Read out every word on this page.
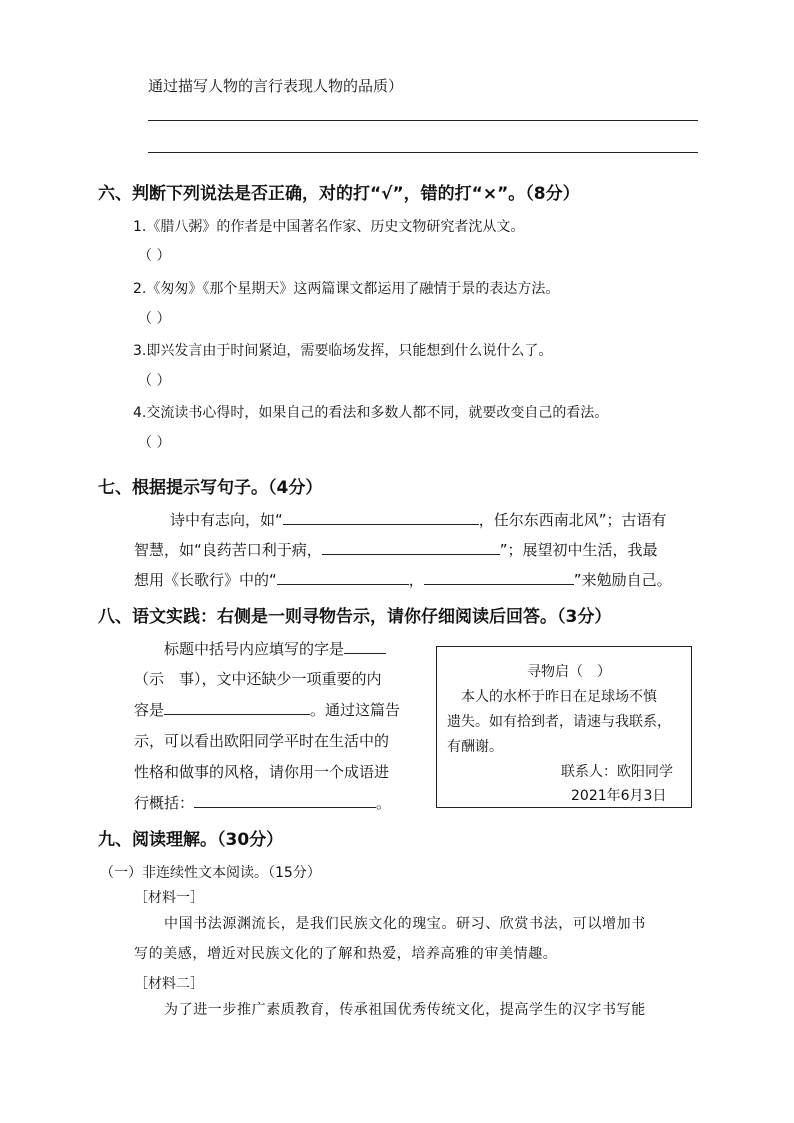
通过描写人物的言行表现人物的品质）
六、判断下列说法是否正确，对的打“√”，错的打“×”。（8分）
1.《腊八粥》的作者是中国著名作家、历史文物研究者沈从文。
（ ）
2.《匆匆》《那个星期天》这两篇课文都运用了融情于景的表达方法。
（ ）
3.即兴发言由于时间紧迫，需要临场发挥，只能想到什么说什么了。
（ ）
4.交流读书心得时，如果自己的看法和多数人都不同，就要改变自己的看法。
（ ）
七、根据提示写句子。（4分）
诗中有志向，如“	，任尔东西南北风”；古语有
智慧，如“良药苦口利于病，	”；展望初中生活，我最
想用《长歌行》中的“	，	”来勉励自己。
八、语文实践：右侧是一则寻物告示，请你仔细阅读后回答。（3分）
标题中括号内应填写的字是
（示　事），文中还缺少一项重要的内
容是	。通过这篇告
示，可以看出欧阳同学平时在生活中的
性格和做事的风格，请你用一个成语进
行概括：	。
寻物启（　）
本人的水杯于昨日在足球场不慎
遗失。如有拾到者，请速与我联系，
有酬谢。
联系人：欧阳同学
2021年6月3日
九、阅读理解。（30分）
（一）非连续性文本阅读。（15分）
［材料一］
中国书法源渊流长，是我们民族文化的瑰宝。研习、欣赏书法，可以增加书
写的美感，增近对民族文化的了解和热爱，培养高雅的审美情趣。
［材料二］
为了进一步推广素质教育，传承祖国优秀传统文化，提高学生的汉字书写能
